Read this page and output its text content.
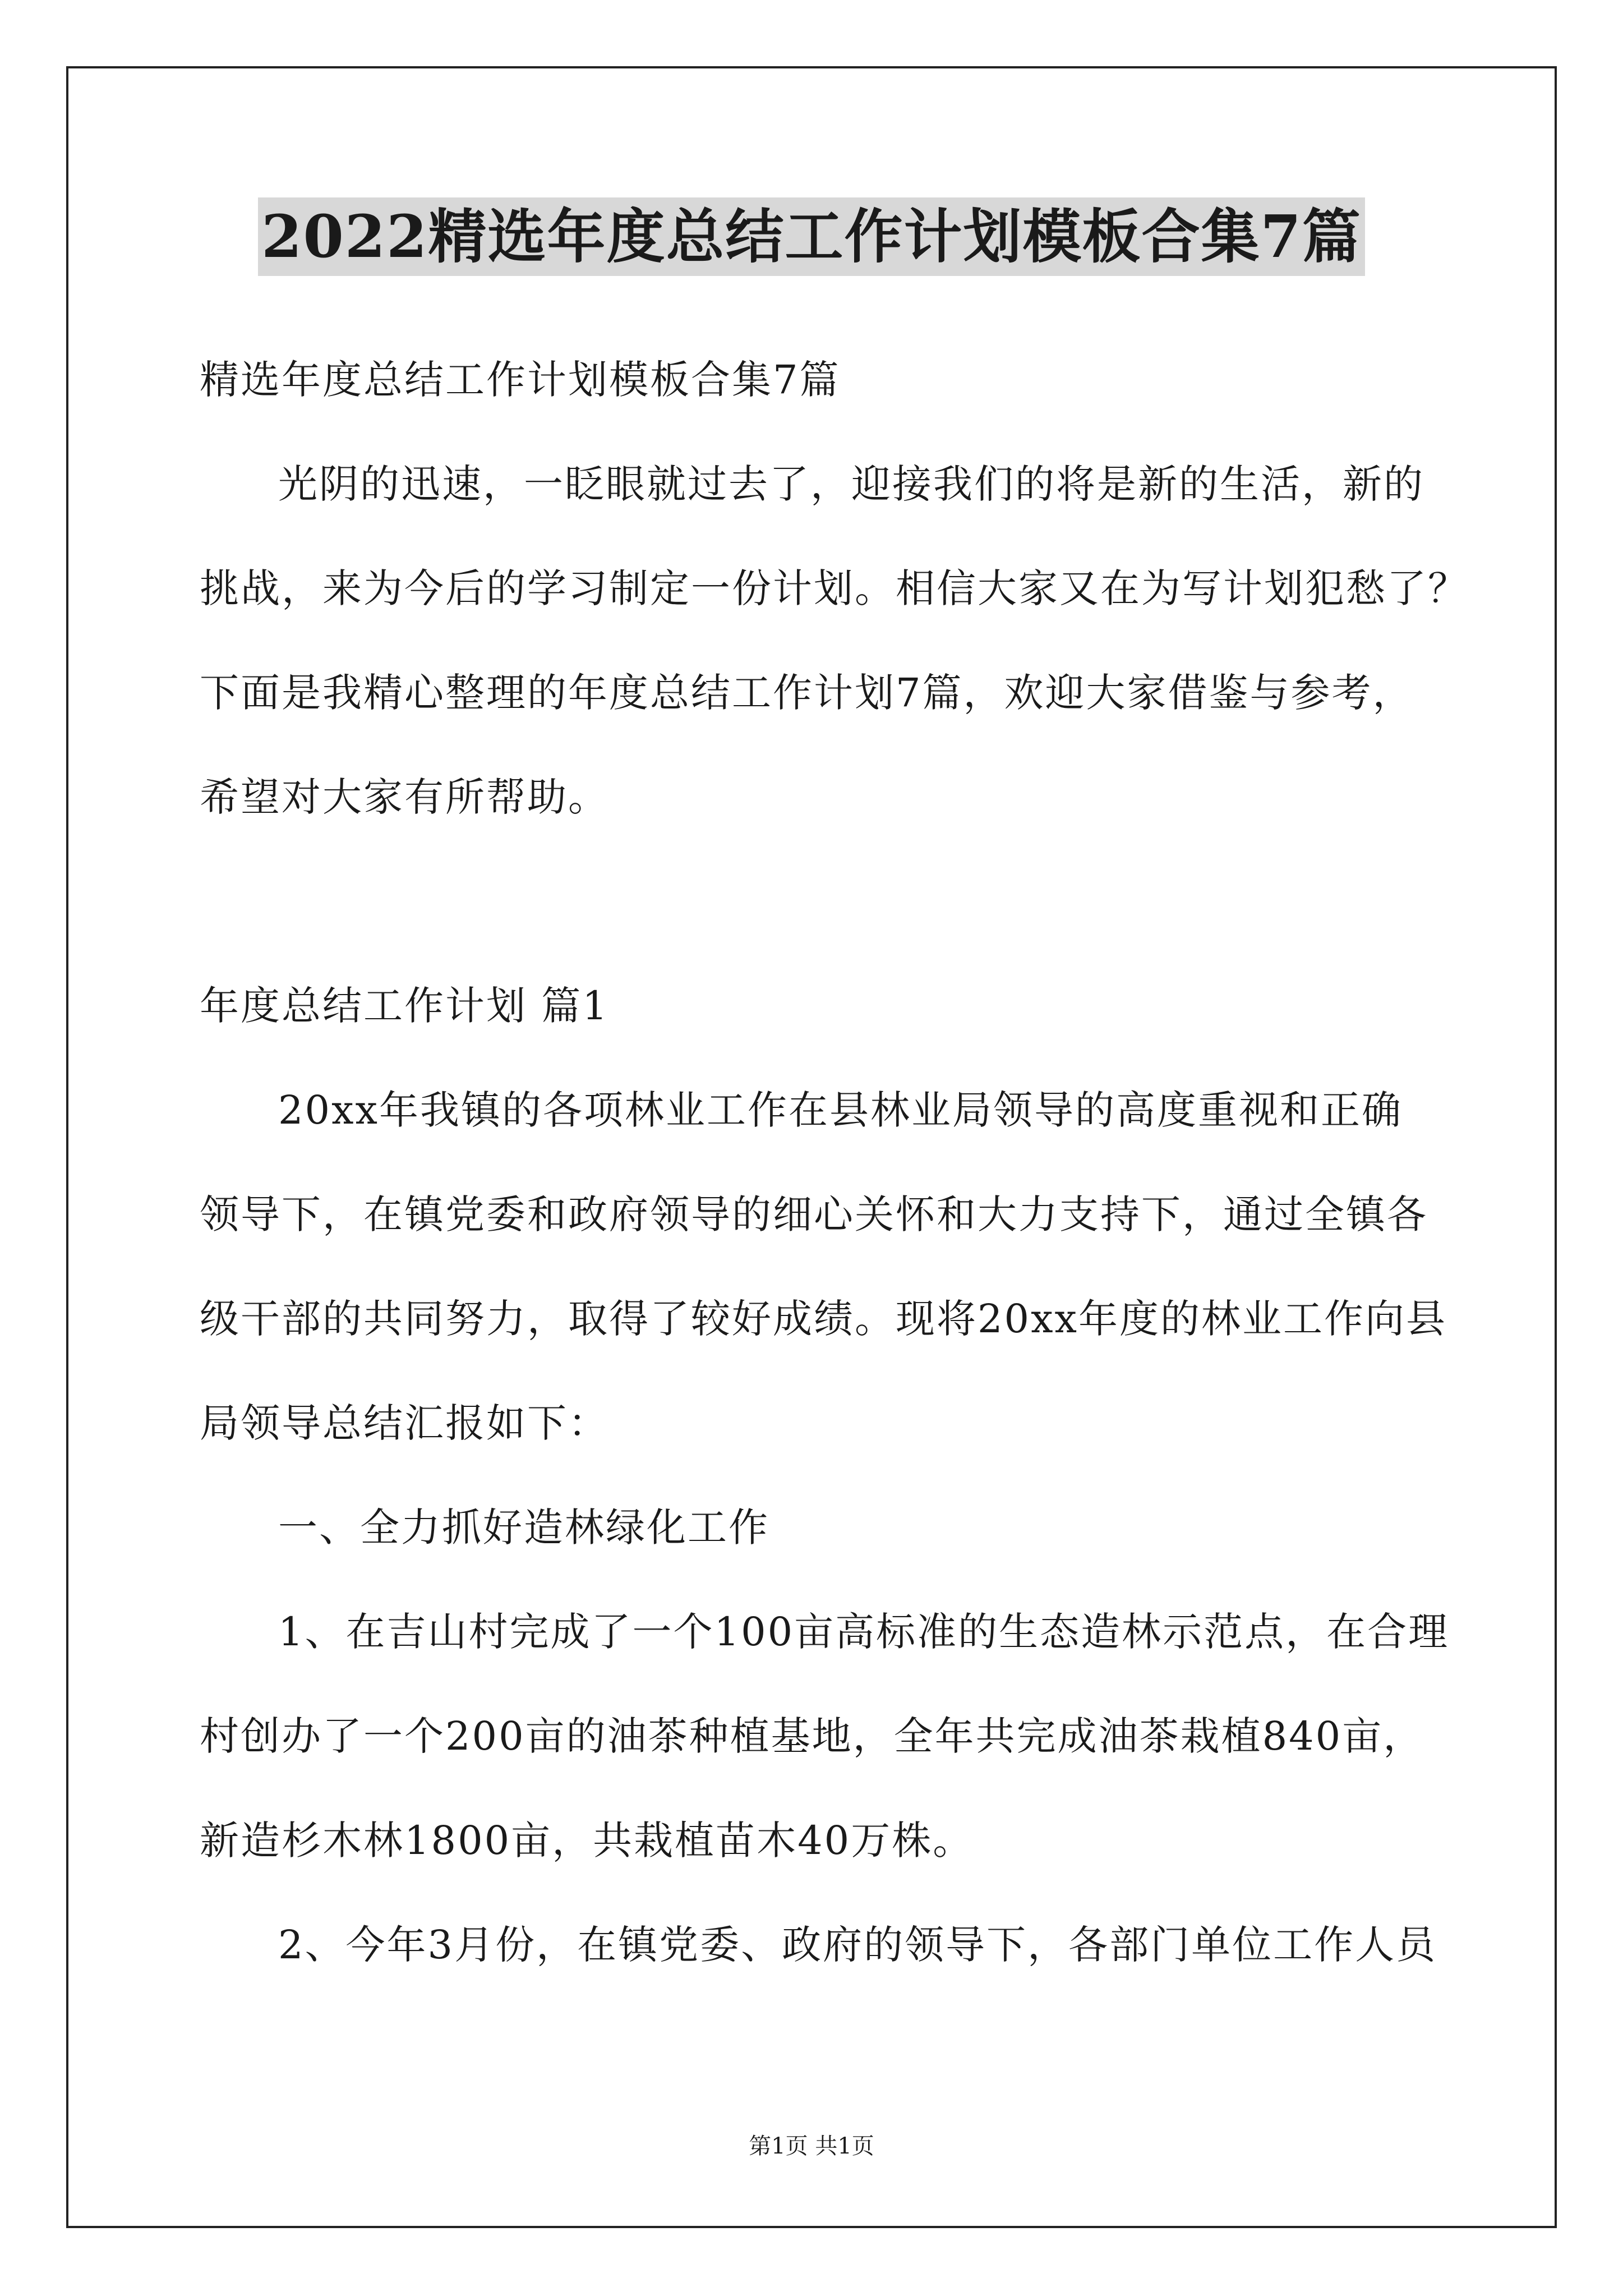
2022精选年度总结工作计划模板合集7篇
精选年度总结工作计划模板合集7篇
光阴的迅速，一眨眼就过去了，迎接我们的将是新的生活，新的
挑战，来为今后的学习制定一份计划。相信大家又在为写计划犯愁了？
下面是我精心整理的年度总结工作计划7篇，欢迎大家借鉴与参考，
希望对大家有所帮助。
年度总结工作计划 篇1
20xx年我镇的各项林业工作在县林业局领导的高度重视和正确
领导下，在镇党委和政府领导的细心关怀和大力支持下，通过全镇各
级干部的共同努力，取得了较好成绩。现将20xx年度的林业工作向县
局领导总结汇报如下：
一、全力抓好造林绿化工作
1、在吉山村完成了一个100亩高标准的生态造林示范点，在合理
村创办了一个200亩的油茶种植基地，全年共完成油茶栽植840亩，
新造杉木林1800亩，共栽植苗木40万株。
2、今年3月份，在镇党委、政府的领导下，各部门单位工作人员
第1页 共1页
